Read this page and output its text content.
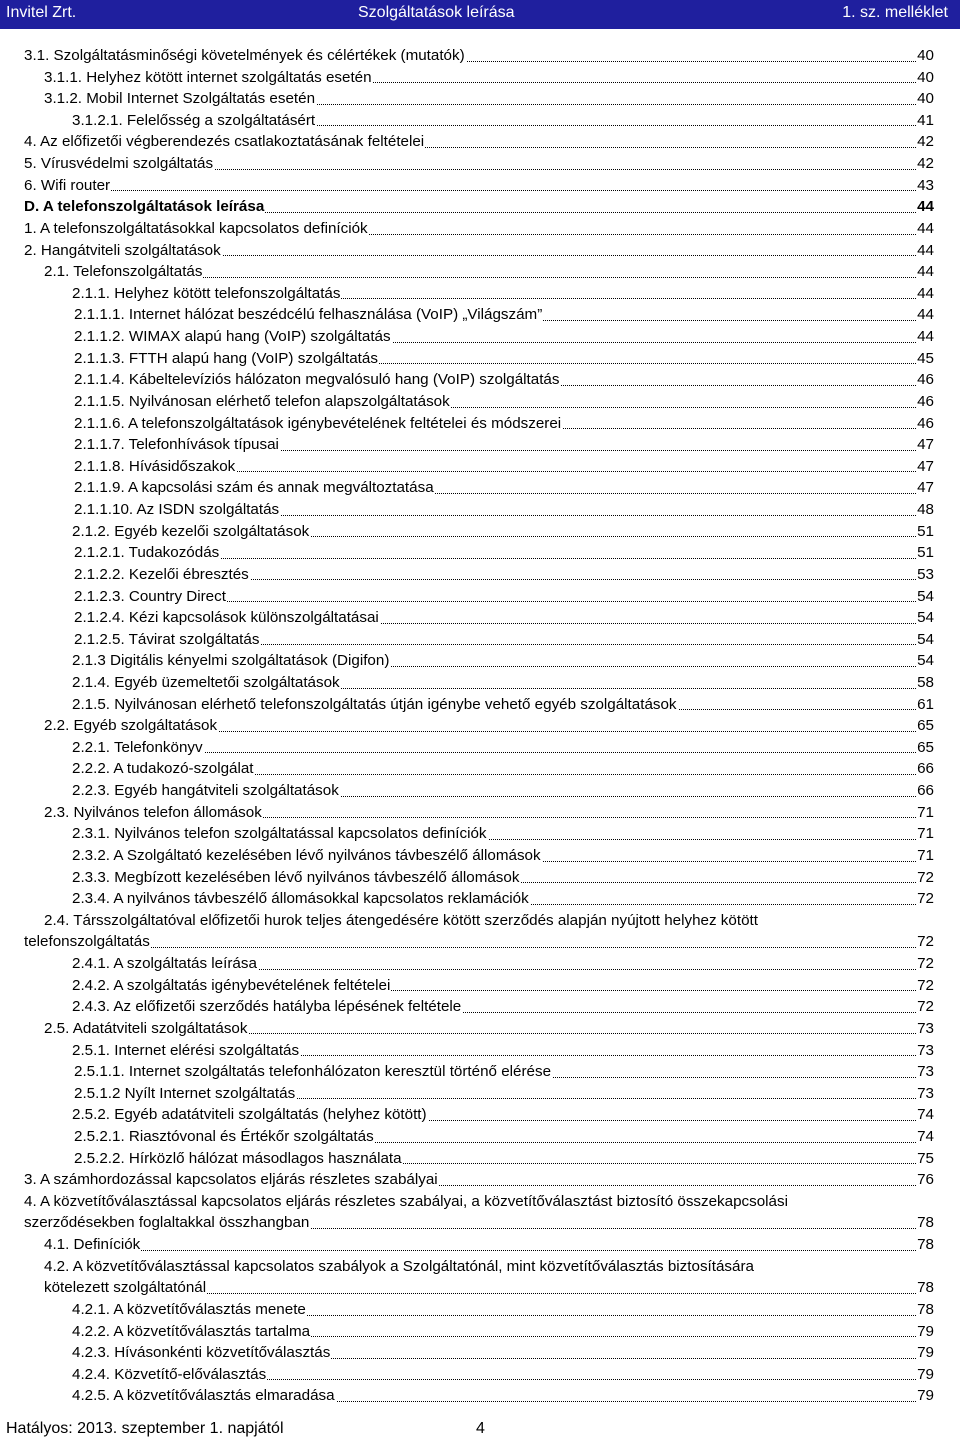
Invitel Zrt.	Szolgáltatások leírása	1. sz. melléklet
3.1. Szolgáltatásminőségi követelmények és célértékek (mutatók)	40
3.1.1. Helyhez kötött internet szolgáltatás esetén	40
3.1.2. Mobil Internet Szolgáltatás esetén	40
3.1.2.1. Felelősség a szolgáltatásért	41
4. Az előfizetői végberendezés csatlakoztatásának feltételei	42
5. Vírusvédelmi szolgáltatás	42
6. Wifi router	43
D. A telefonszolgáltatások leírása	44
1. A telefonszolgáltatásokkal kapcsolatos definíciók	44
2. Hangátviteli szolgáltatások	44
2.1. Telefonszolgáltatás	44
2.1.1. Helyhez kötött telefonszolgáltatás	44
2.1.1.1. Internet hálózat beszédcélú felhasználása (VoIP) „Világszám”	44
2.1.1.2. WIMAX alapú hang (VoIP) szolgáltatás	44
2.1.1.3. FTTH alapú hang (VoIP) szolgáltatás	45
2.1.1.4. Kábeltelevíziós hálózaton megvalósuló hang (VoIP) szolgáltatás	46
2.1.1.5. Nyilvánosan elérhető telefon alapszolgáltatások	46
2.1.1.6. A telefonszolgáltatások igénybevételének feltételei és módszerei	46
2.1.1.7. Telefonhívások típusai	47
2.1.1.8. Hívásidőszakok	47
2.1.1.9. A kapcsolási szám és annak megváltoztatása	47
2.1.1.10. Az ISDN szolgáltatás	48
2.1.2. Egyéb kezelői szolgáltatások	51
2.1.2.1. Tudakozódás	51
2.1.2.2. Kezelői ébresztés	53
2.1.2.3. Country Direct	54
2.1.2.4. Kézi kapcsolások különszolgáltatásai	54
2.1.2.5. Távirat szolgáltatás	54
2.1.3 Digitális kényelmi szolgáltatások (Digifon)	54
2.1.4. Egyéb üzemeltetői szolgáltatások	58
2.1.5. Nyilvánosan elérhető telefonszolgáltatás útján igénybe vehető egyéb szolgáltatások	61
2.2. Egyéb szolgáltatások	65
2.2.1. Telefonkönyv	65
2.2.2. A tudakozó-szolgálat	66
2.2.3. Egyéb hangátviteli szolgáltatások	66
2.3. Nyilvános telefon állomások	71
2.3.1. Nyilvános telefon szolgáltatással kapcsolatos definíciók	71
2.3.2. A Szolgáltató kezelésében lévő nyilvános távbeszélő állomások	71
2.3.3. Megbízott kezelésében lévő nyilvános távbeszélő állomások	72
2.3.4. A nyilvános távbeszélő állomásokkal kapcsolatos reklamációk	72
2.4. Társszolgáltatóval előfizetői hurok teljes átengedésére kötött szerződés alapján nyújtott helyhez kötött
telefonszolgáltatás	72
2.4.1. A szolgáltatás leírása	72
2.4.2. A szolgáltatás igénybevételének feltételei	72
2.4.3. Az előfizetői szerződés hatályba lépésének feltétele	72
2.5. Adatátviteli szolgáltatások	73
2.5.1. Internet elérési szolgáltatás	73
2.5.1.1. Internet szolgáltatás telefonhálózaton keresztül történő elérése	73
2.5.1.2 Nyílt Internet szolgáltatás	73
2.5.2. Egyéb adatátviteli szolgáltatás (helyhez kötött)	74
2.5.2.1. Riasztóvonal és Értékőr szolgáltatás	74
2.5.2.2. Hírközlő hálózat másodlagos használata	75
3. A számhordozással kapcsolatos eljárás részletes szabályai	76
4. A közvetítőválasztással kapcsolatos eljárás részletes szabályai, a közvetítőválasztást biztosító összekapcsolási
szerződésekben foglaltakkal összhangban	78
4.1. Definíciók	78
4.2. A közvetítőválasztással kapcsolatos szabályok a Szolgáltatónál, mint közvetítőválasztás biztosítására
kötelezett szolgáltatónál	78
4.2.1. A közvetítőválasztás menete	78
4.2.2. A közvetítőválasztás tartalma	79
4.2.3. Hívásonkénti közvetítőválasztás	79
4.2.4. Közvetítő-előválasztás	79
4.2.5. A közvetítőválasztás elmaradása	79
Hatályos: 2013. szeptember 1. napjától	4
